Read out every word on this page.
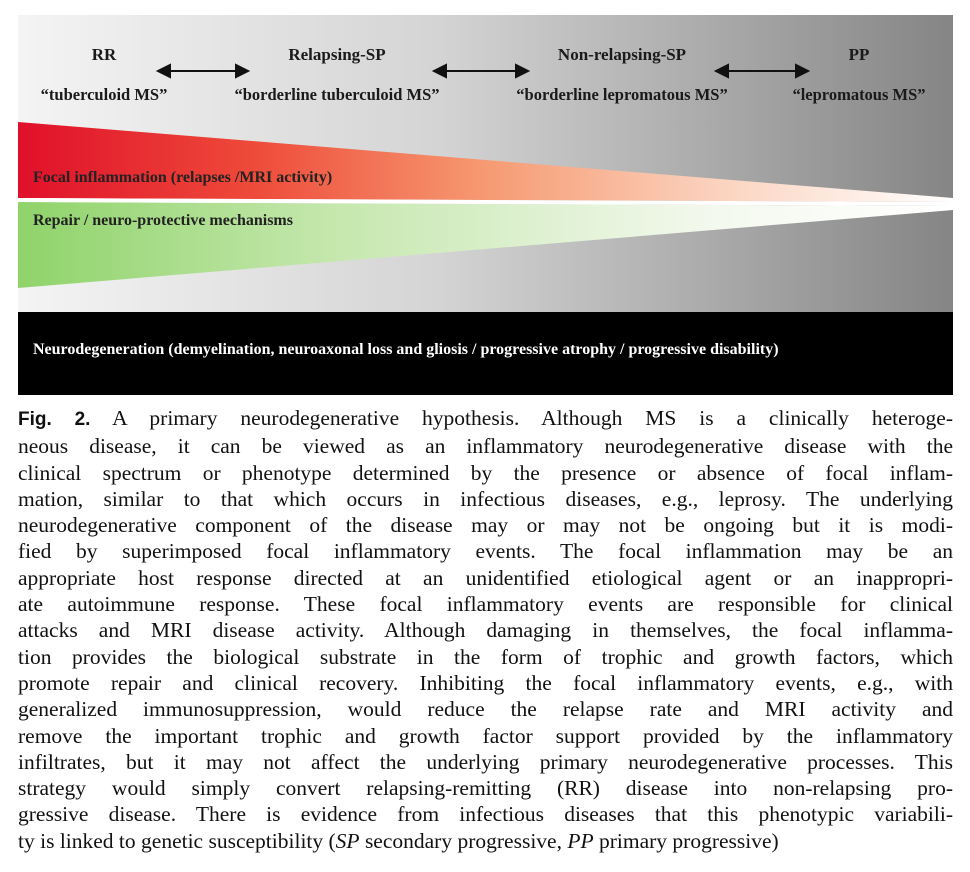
RR
“tuberculoid MS”
Relapsing-SP
“borderline tuberculoid MS”
Non-relapsing-SP
“borderline lepromatous MS”
PP
“lepromatous MS”
Focal inflammation (relapses /MRI activity)
Repair / neuro-protective mechanisms
Neurodegeneration (demyelination, neuroaxonal loss and gliosis / progressive atrophy / progressive disability)
Fig. 2. A primary neurodegenerative hypothesis. Although MS is a clinically heteroge-
neous disease, it can be viewed as an inflammatory neurodegenerative disease with the
clinical spectrum or phenotype determined by the presence or absence of focal inflam-
mation, similar to that which occurs in infectious diseases, e.g., leprosy. The underlying
neurodegenerative component of the disease may or may not be ongoing but it is modi-
fied by superimposed focal inflammatory events. The focal inflammation may be an
appropriate host response directed at an unidentified etiological agent or an inappropri-
ate autoimmune response. These focal inflammatory events are responsible for clinical
attacks and MRI disease activity. Although damaging in themselves, the focal inflamma-
tion provides the biological substrate in the form of trophic and growth factors, which
promote repair and clinical recovery. Inhibiting the focal inflammatory events, e.g., with
generalized immunosuppression, would reduce the relapse rate and MRI activity and
remove the important trophic and growth factor support provided by the inflammatory
infiltrates, but it may not affect the underlying primary neurodegenerative processes. This
strategy would simply convert relapsing-remitting (RR) disease into non-relapsing pro-
gressive disease. There is evidence from infectious diseases that this phenotypic variabili-
ty is linked to genetic susceptibility (SP secondary progressive, PP primary progressive)
